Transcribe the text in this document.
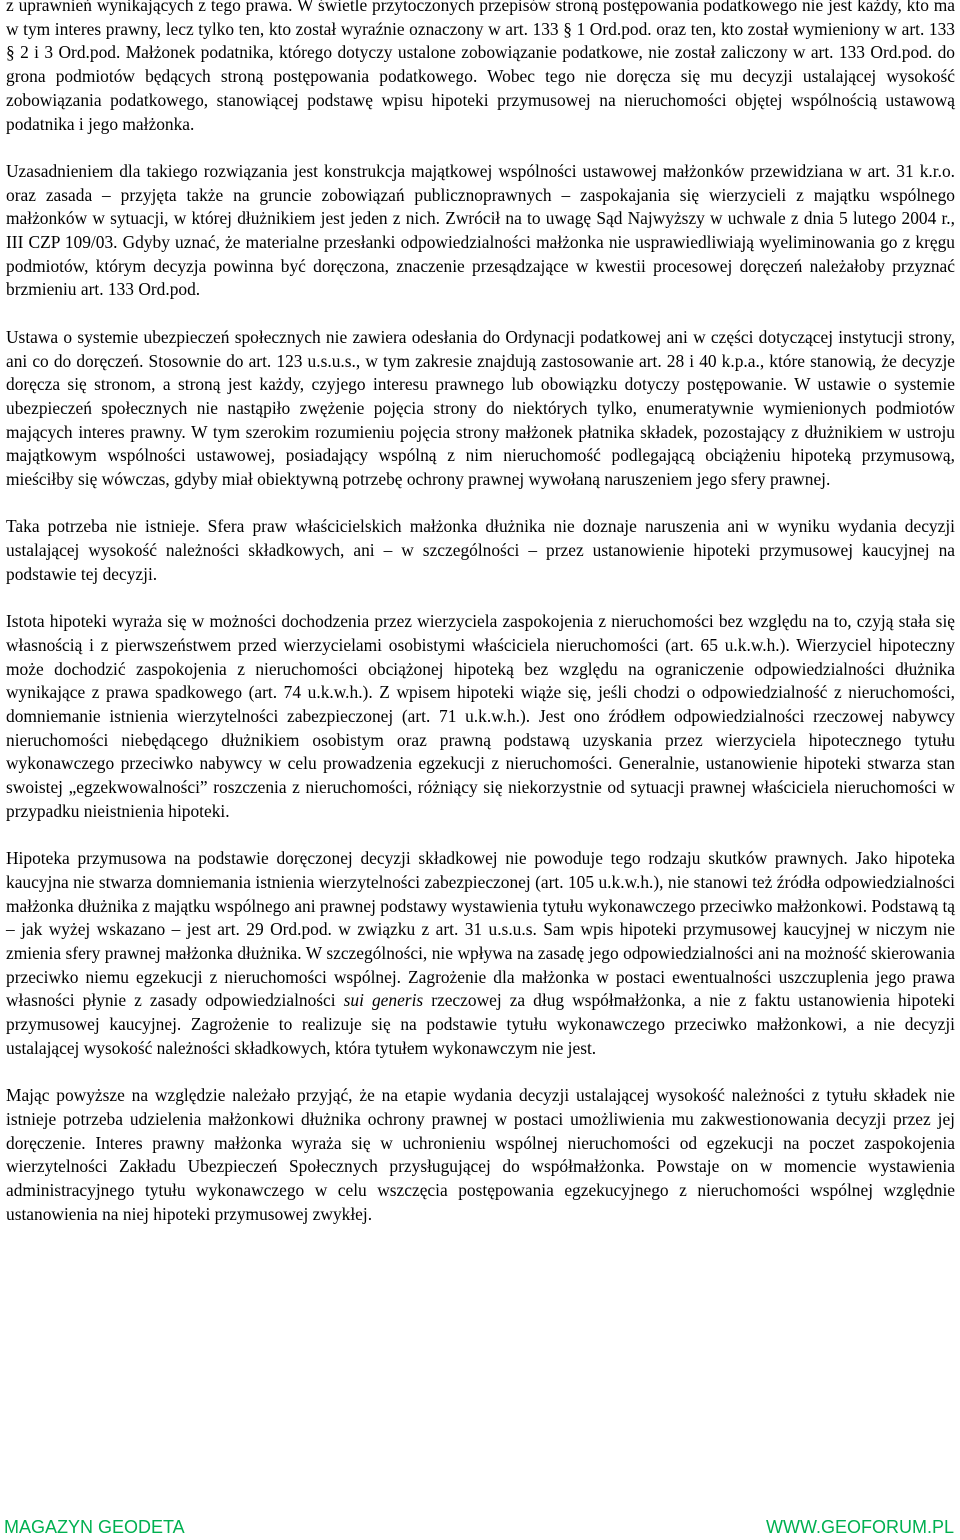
z uprawnień wynikających z tego prawa. W świetle przytoczonych przepisów stroną postępowania podatkowego nie jest każdy, kto ma w tym interes prawny, lecz tylko ten, kto został wyraźnie oznaczony w art. 133 § 1 Ord.pod. oraz ten, kto został wymieniony w art. 133 § 2 i 3 Ord.pod. Małżonek podatnika, którego dotyczy ustalone zobowiązanie podatkowe, nie został zaliczony w art. 133 Ord.pod. do grona podmiotów będących stroną postępowania podatkowego. Wobec tego nie doręcza się mu decyzji ustalającej wysokość zobowiązania podatkowego, stanowiącej podstawę wpisu hipoteki przymusowej na nieruchomości objętej wspólnością ustawową podatnika i jego małżonka.

Uzasadnieniem dla takiego rozwiązania jest konstrukcja majątkowej wspólności ustawowej małżonków przewidziana w art. 31 k.r.o. oraz zasada – przyjęta także na gruncie zobowiązań publicznoprawnych – zaspokajania się wierzycieli z majątku wspólnego małżonków w sytuacji, w której dłużnikiem jest jeden z nich. Zwrócił na to uwagę Sąd Najwyższy w uchwale z dnia 5 lutego 2004 r., III CZP 109/03. Gdyby uznać, że materialne przesłanki odpowiedzialności małżonka nie usprawiedliwiają wyeliminowania go z kręgu podmiotów, którym decyzja powinna być doręczona, znaczenie przesądzające w kwestii procesowej doręczeń należałoby przyznać brzmieniu art. 133 Ord.pod.

Ustawa o systemie ubezpieczeń społecznych nie zawiera odesłania do Ordynacji podatkowej ani w części dotyczącej instytucji strony, ani co do doręczeń. Stosownie do art. 123 u.s.u.s., w tym zakresie znajdują zastosowanie art. 28 i 40 k.p.a., które stanowią, że decyzje doręcza się stronom, a stroną jest każdy, czyjego interesu prawnego lub obowiązku dotyczy postępowanie. W ustawie o systemie ubezpieczeń społecznych nie nastąpiło zwężenie pojęcia strony do niektórych tylko, enumeratywnie wymienionych podmiotów mających interes prawny. W tym szerokim rozumieniu pojęcia strony małżonek płatnika składek, pozostający z dłużnikiem w ustroju majątkowym wspólności ustawowej, posiadający wspólną z nim nieruchomość podlegającą obciążeniu hipoteką przymusową, mieściłby się wówczas, gdyby miał obiektywną potrzebę ochrony prawnej wywołaną naruszeniem jego sfery prawnej.

Taka potrzeba nie istnieje. Sfera praw właścicielskich małżonka dłużnika nie doznaje naruszenia ani w wyniku wydania decyzji ustalającej wysokość należności składkowych, ani – w szczególności – przez ustanowienie hipoteki przymusowej kaucyjnej na podstawie tej decyzji.

Istota hipoteki wyraża się w możności dochodzenia przez wierzyciela zaspokojenia z nieruchomości bez względu na to, czyją stała się własnością i z pierwszeństwem przed wierzycielami osobistymi właściciela nieruchomości (art. 65 u.k.w.h.). Wierzyciel hipoteczny może dochodzić zaspokojenia z nieruchomości obciążonej hipoteką bez względu na ograniczenie odpowiedzialności dłużnika wynikające z prawa spadkowego (art. 74 u.k.w.h.). Z wpisem hipoteki wiąże się, jeśli chodzi o odpowiedzialność z nieruchomości, domniemanie istnienia wierzytelności zabezpieczonej (art. 71 u.k.w.h.). Jest ono źródłem odpowiedzialności rzeczowej nabywcy nieruchomości niebędącego dłużnikiem osobistym oraz prawną podstawą uzyskania przez wierzyciela hipotecznego tytułu wykonawczego przeciwko nabywcy w celu prowadzenia egzekucji z nieruchomości. Generalnie, ustanowienie hipoteki stwarza stan swoistej „egzekwowalności” roszczenia z nieruchomości, różniący się niekorzystnie od sytuacji prawnej właściciela nieruchomości w przypadku nieistnienia hipoteki.

Hipoteka przymusowa na podstawie doręczonej decyzji składkowej nie powoduje tego rodzaju skutków prawnych. Jako hipoteka kaucyjna nie stwarza domniemania istnienia wierzytelności zabezpieczonej (art. 105 u.k.w.h.), nie stanowi też źródła odpowiedzialności małżonka dłużnika z majątku wspólnego ani prawnej podstawy wystawienia tytułu wykonawczego przeciwko małżonkowi. Podstawą tą – jak wyżej wskazano – jest art. 29 Ord.pod. w związku z art. 31 u.s.u.s. Sam wpis hipoteki przymusowej kaucyjnej w niczym nie zmienia sfery prawnej małżonka dłużnika. W szczególności, nie wpływa na zasadę jego odpowiedzialności ani na możność skierowania przeciwko niemu egzekucji z nieruchomości wspólnej. Zagrożenie dla małżonka w postaci ewentualności uszczuplenia jego prawa własności płynie z zasady odpowiedzialności sui generis rzeczowej za dług współmałżonka, a nie z faktu ustanowienia hipoteki przymusowej kaucyjnej. Zagrożenie to realizuje się na podstawie tytułu wykonawczego przeciwko małżonkowi, a nie decyzji ustalającej wysokość należności składkowych, która tytułem wykonawczym nie jest.

Mając powyższe na względzie należało przyjąć, że na etapie wydania decyzji ustalającej wysokość należności z tytułu składek nie istnieje potrzeba udzielenia małżonkowi dłużnika ochrony prawnej w postaci umożliwienia mu zakwestionowania decyzji przez jej doręczenie. Interes prawny małżonka wyraża się w uchronieniu wspólnej nieruchomości od egzekucji na poczet zaspokojenia wierzytelności Zakładu Ubezpieczeń Społecznych przysługującej do współmałżonka. Powstaje on w momencie wystawienia administracyjnego tytułu wykonawczego w celu wszczęcia postępowania egzekucyjnego z nieruchomości wspólnej względnie ustanowienia na niej hipoteki przymusowej zwykłej.

MAGAZYN GEODETA	WWW.GEOFORUM.PL
